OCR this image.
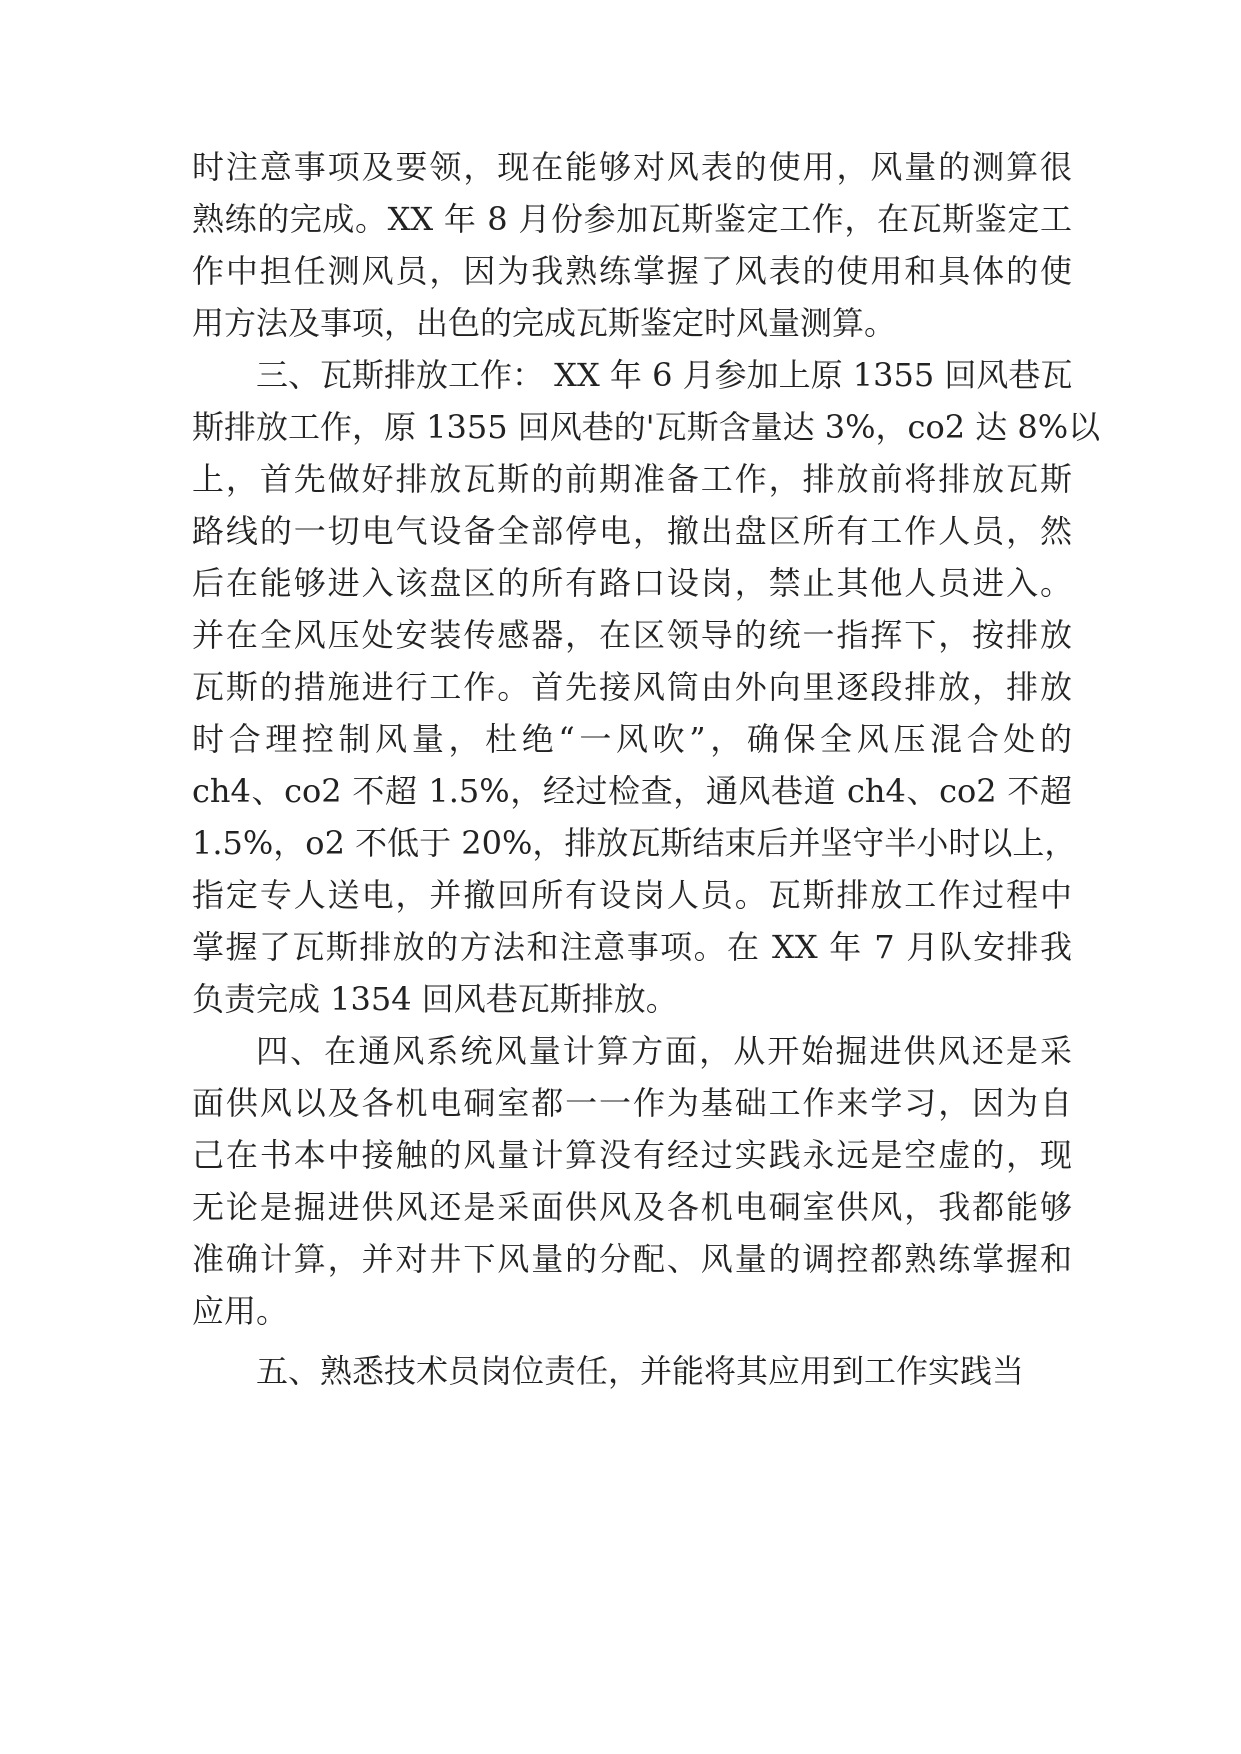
时注意事项及要领，现在能够对风表的使用，风量的测算很
熟练的完成。XX 年 8 月份参加瓦斯鉴定工作，在瓦斯鉴定工
作中担任测风员，因为我熟练掌握了风表的使用和具体的使
用方法及事项，出色的完成瓦斯鉴定时风量测算。
三、瓦斯排放工作： XX 年 6 月参加上原 1355 回风巷瓦
斯排放工作，原 1355 回风巷的'瓦斯含量达 3%，co2 达 8%以
上，首先做好排放瓦斯的前期准备工作，排放前将排放瓦斯
路线的一切电气设备全部停电，撤出盘区所有工作人员，然
后在能够进入该盘区的所有路口设岗，禁止其他人员进入。
并在全风压处安装传感器，在区领导的统一指挥下，按排放
瓦斯的措施进行工作。首先接风筒由外向里逐段排放，排放
时合理控制风量，杜绝“一风吹”，确保全风压混合处的
ch4、co2 不超 1.5%，经过检查，通风巷道 ch4、co2 不超
1.5%，o2 不低于 20%，排放瓦斯结束后并坚守半小时以上，
指定专人送电，并撤回所有设岗人员。瓦斯排放工作过程中
掌握了瓦斯排放的方法和注意事项。在 XX 年 7 月队安排我
负责完成 1354 回风巷瓦斯排放。
四、在通风系统风量计算方面，从开始掘进供风还是采
面供风以及各机电硐室都一一作为基础工作来学习，因为自
己在书本中接触的风量计算没有经过实践永远是空虚的，现
无论是掘进供风还是采面供风及各机电硐室供风，我都能够
准确计算，并对井下风量的分配、风量的调控都熟练掌握和
应用。
五、熟悉技术员岗位责任，并能将其应用到工作实践当
